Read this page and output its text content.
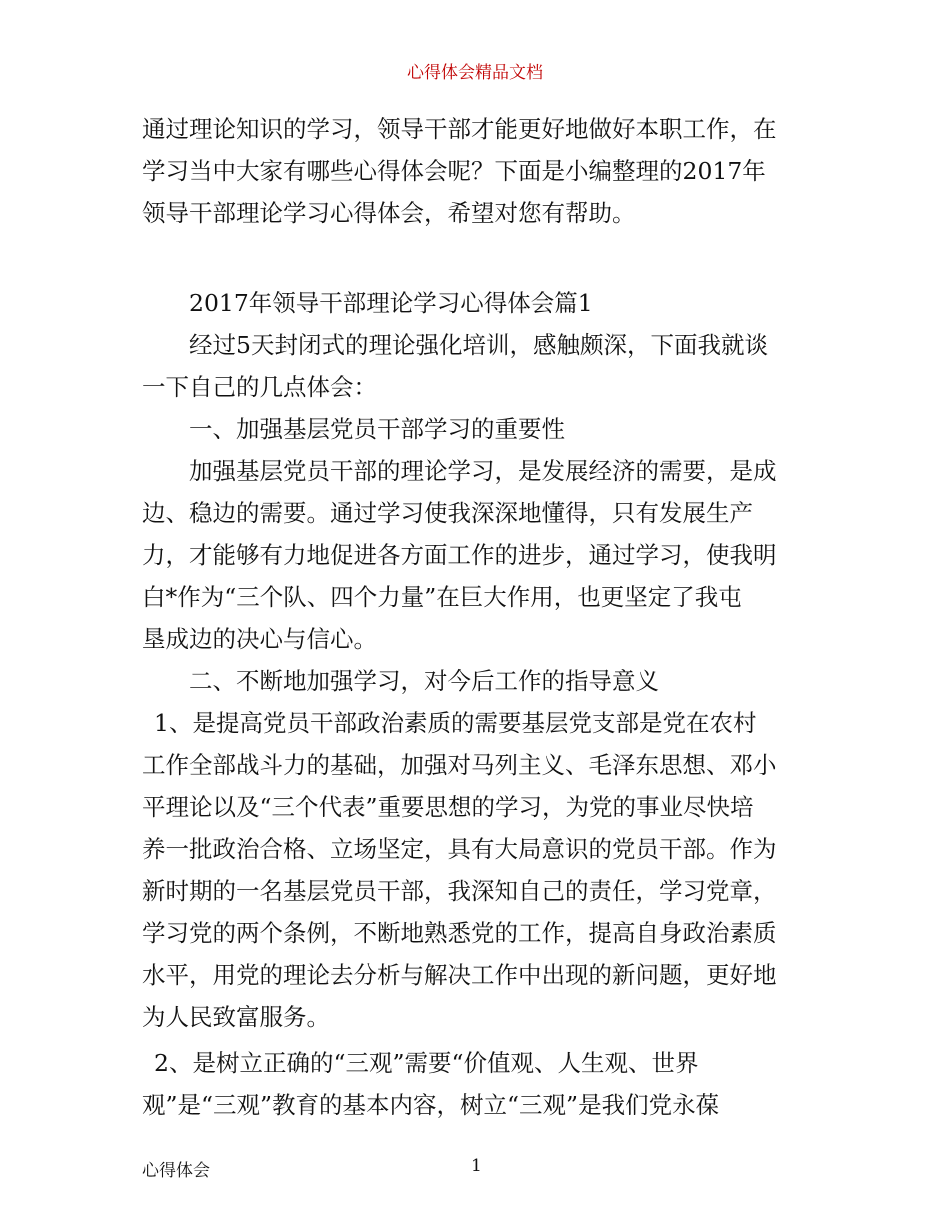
心得体会精品文档

通过理论知识的学习，领导干部才能更好地做好本职工作，在

学习当中大家有哪些心得体会呢？下面是小编整理的2017年

领导干部理论学习心得体会，希望对您有帮助。

2017年领导干部理论学习心得体会篇1

经过5天封闭式的理论强化培训，感触颇深，下面我就谈

一下自己的几点体会：

一、加强基层党员干部学习的重要性

加强基层党员干部的理论学习，是发展经济的需要，是成

边、稳边的需要。通过学习使我深深地懂得，只有发展生产

力，才能够有力地促进各方面工作的进步，通过学习，使我明

白*作为“三个队、四个力量”在巨大作用，也更坚定了我屯

垦成边的决心与信心。

二、不断地加强学习，对今后工作的指导意义

1、是提高党员干部政治素质的需要基层党支部是党在农村

工作全部战斗力的基础，加强对马列主义、毛泽东思想、邓小

平理论以及“三个代表”重要思想的学习，为党的事业尽快培

养一批政治合格、立场坚定，具有大局意识的党员干部。作为

新时期的一名基层党员干部，我深知自己的责任，学习党章，

学习党的两个条例，不断地熟悉党的工作，提高自身政治素质

水平，用党的理论去分析与解决工作中出现的新问题，更好地

为人民致富服务。

2、是树立正确的“三观”需要“价值观、人生观、世界

观”是“三观”教育的基本内容，树立“三观”是我们党永葆

心得体会	1
